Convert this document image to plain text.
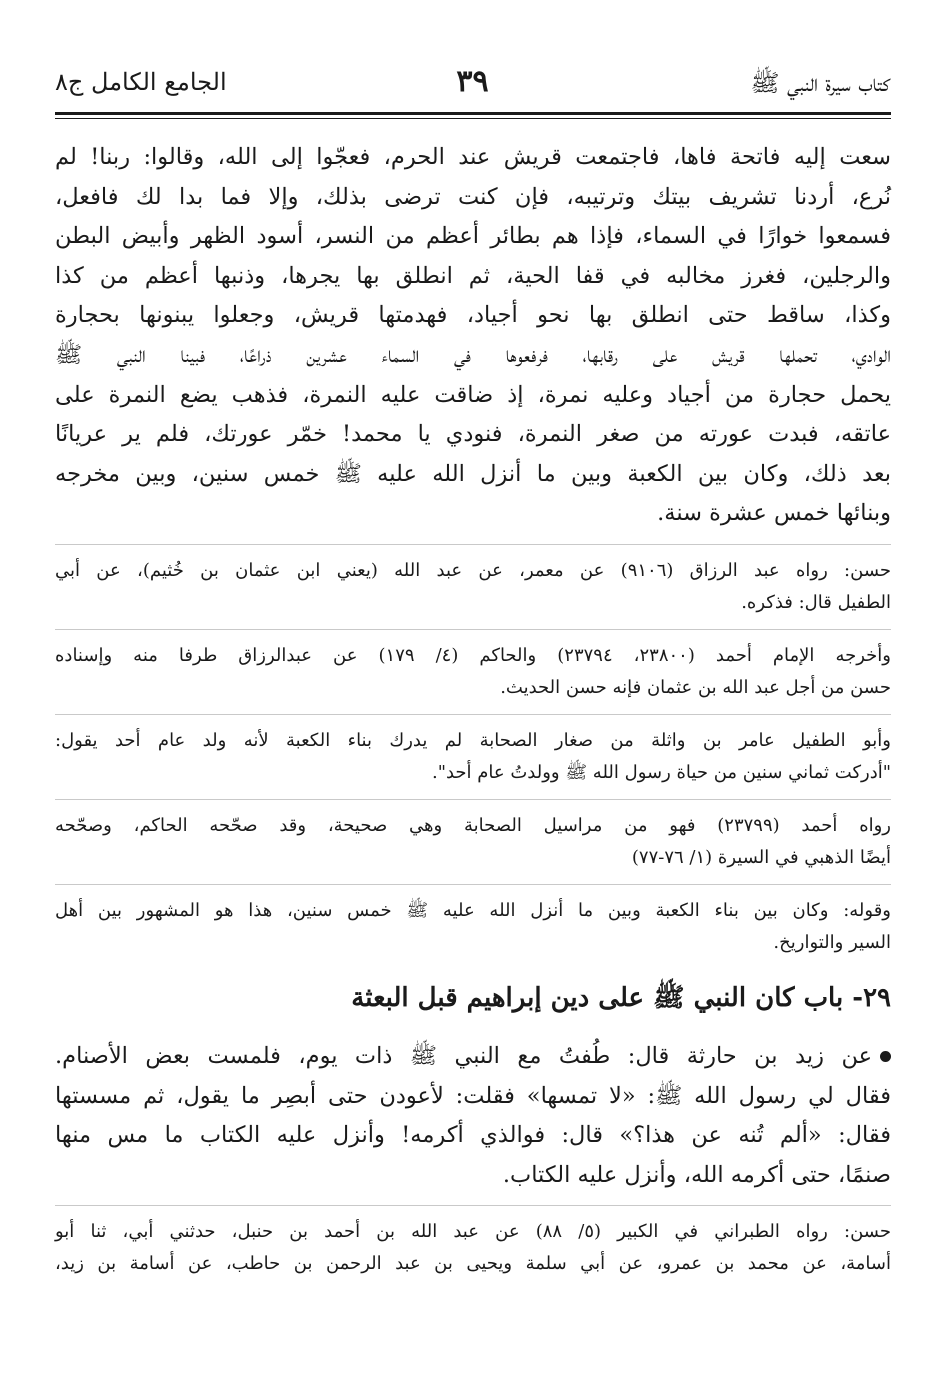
كتاب سيرة النبي ﷺ
٣٩
الجامع الكامل ج٨

سعت إليه فاتحة فاها، فاجتمعت قريش عند الحرم، فعجّوا إلى الله، وقالوا: ربنا! لم

نُرع، أردنا تشريف بيتك وترتيبه، فإن كنت ترضى بذلك، وإلا فما بدا لك فافعل،

فسمعوا خوارًا في السماء، فإذا هم بطائر أعظم من النسر، أسود الظهر وأبيض البطن

والرجلين، فغرز مخالبه في قفا الحية، ثم انطلق بها يجرها، وذنبها أعظم من كذا

وكذا، ساقط حتى انطلق بها نحو أجياد، فهدمتها قريش، وجعلوا يبنونها بحجارة

الوادي، تحملها قريش على رقابها، فرفعوها في السماء عشرين ذراعًا، فبينا النبي ﷺ

يحمل حجارة من أجياد وعليه نمرة، إذ ضاقت عليه النمرة، فذهب يضع النمرة على

عاتقه، فبدت عورته من صغر النمرة، فنودي يا محمد! خمّر عورتك، فلم ير عريانًا

بعد ذلك، وكان بين الكعبة وبين ما أنزل الله عليه ﷺ خمس سنين، وبين مخرجه

وبنائها خمس عشرة سنة.

حسن: رواه عبد الرزاق (٩١٠٦) عن معمر، عن عبد الله (يعني ابن عثمان بن خُثيم)، عن أبي

الطفيل قال: فذكره.

وأخرجه الإمام أحمد (٢٣٨٠٠، ٢٣٧٩٤) والحاكم (٤/ ١٧٩) عن عبدالرزاق طرفا منه وإسناده

حسن من أجل عبد الله بن عثمان فإنه حسن الحديث.

وأبو الطفيل عامر بن واثلة من صغار الصحابة لم يدرك بناء الكعبة لأنه ولد عام أحد يقول:

"أدركت ثماني سنين من حياة رسول الله ﷺ وولدتُ عام أحد".

رواه أحمد (٢٣٧٩٩) فهو من مراسيل الصحابة وهي صحيحة، وقد صحّحه الحاكم، وصحّحه

أيضًا الذهبي في السيرة (١/ ٧٦-٧٧)

وقوله: وكان بين بناء الكعبة وبين ما أنزل الله عليه ﷺ خمس سنين، هذا هو المشهور بين أهل

السير والتواريخ.

٢٩- باب كان النبي ﷺ على دين إبراهيم قبل البعثة

عن زيد بن حارثة قال: طُفتُ مع النبي ﷺ ذات يوم، فلمست بعض الأصنام.

فقال لي رسول الله ﷺ: «لا تمسها» فقلت: لأعودن حتى أبصِر ما يقول، ثم مسستها

فقال: «ألم تُنه عن هذا؟» قال: فوالذي أكرمه! وأنزل عليه الكتاب ما مس منها

صنمًا، حتى أكرمه الله، وأنزل عليه الكتاب.

حسن: رواه الطبراني في الكبير (٥/ ٨٨) عن عبد الله بن أحمد بن حنبل، حدثني أبي، ثنا أبو

أسامة، عن محمد بن عمرو، عن أبي سلمة ويحيى بن عبد الرحمن بن حاطب، عن أسامة بن زيد،
